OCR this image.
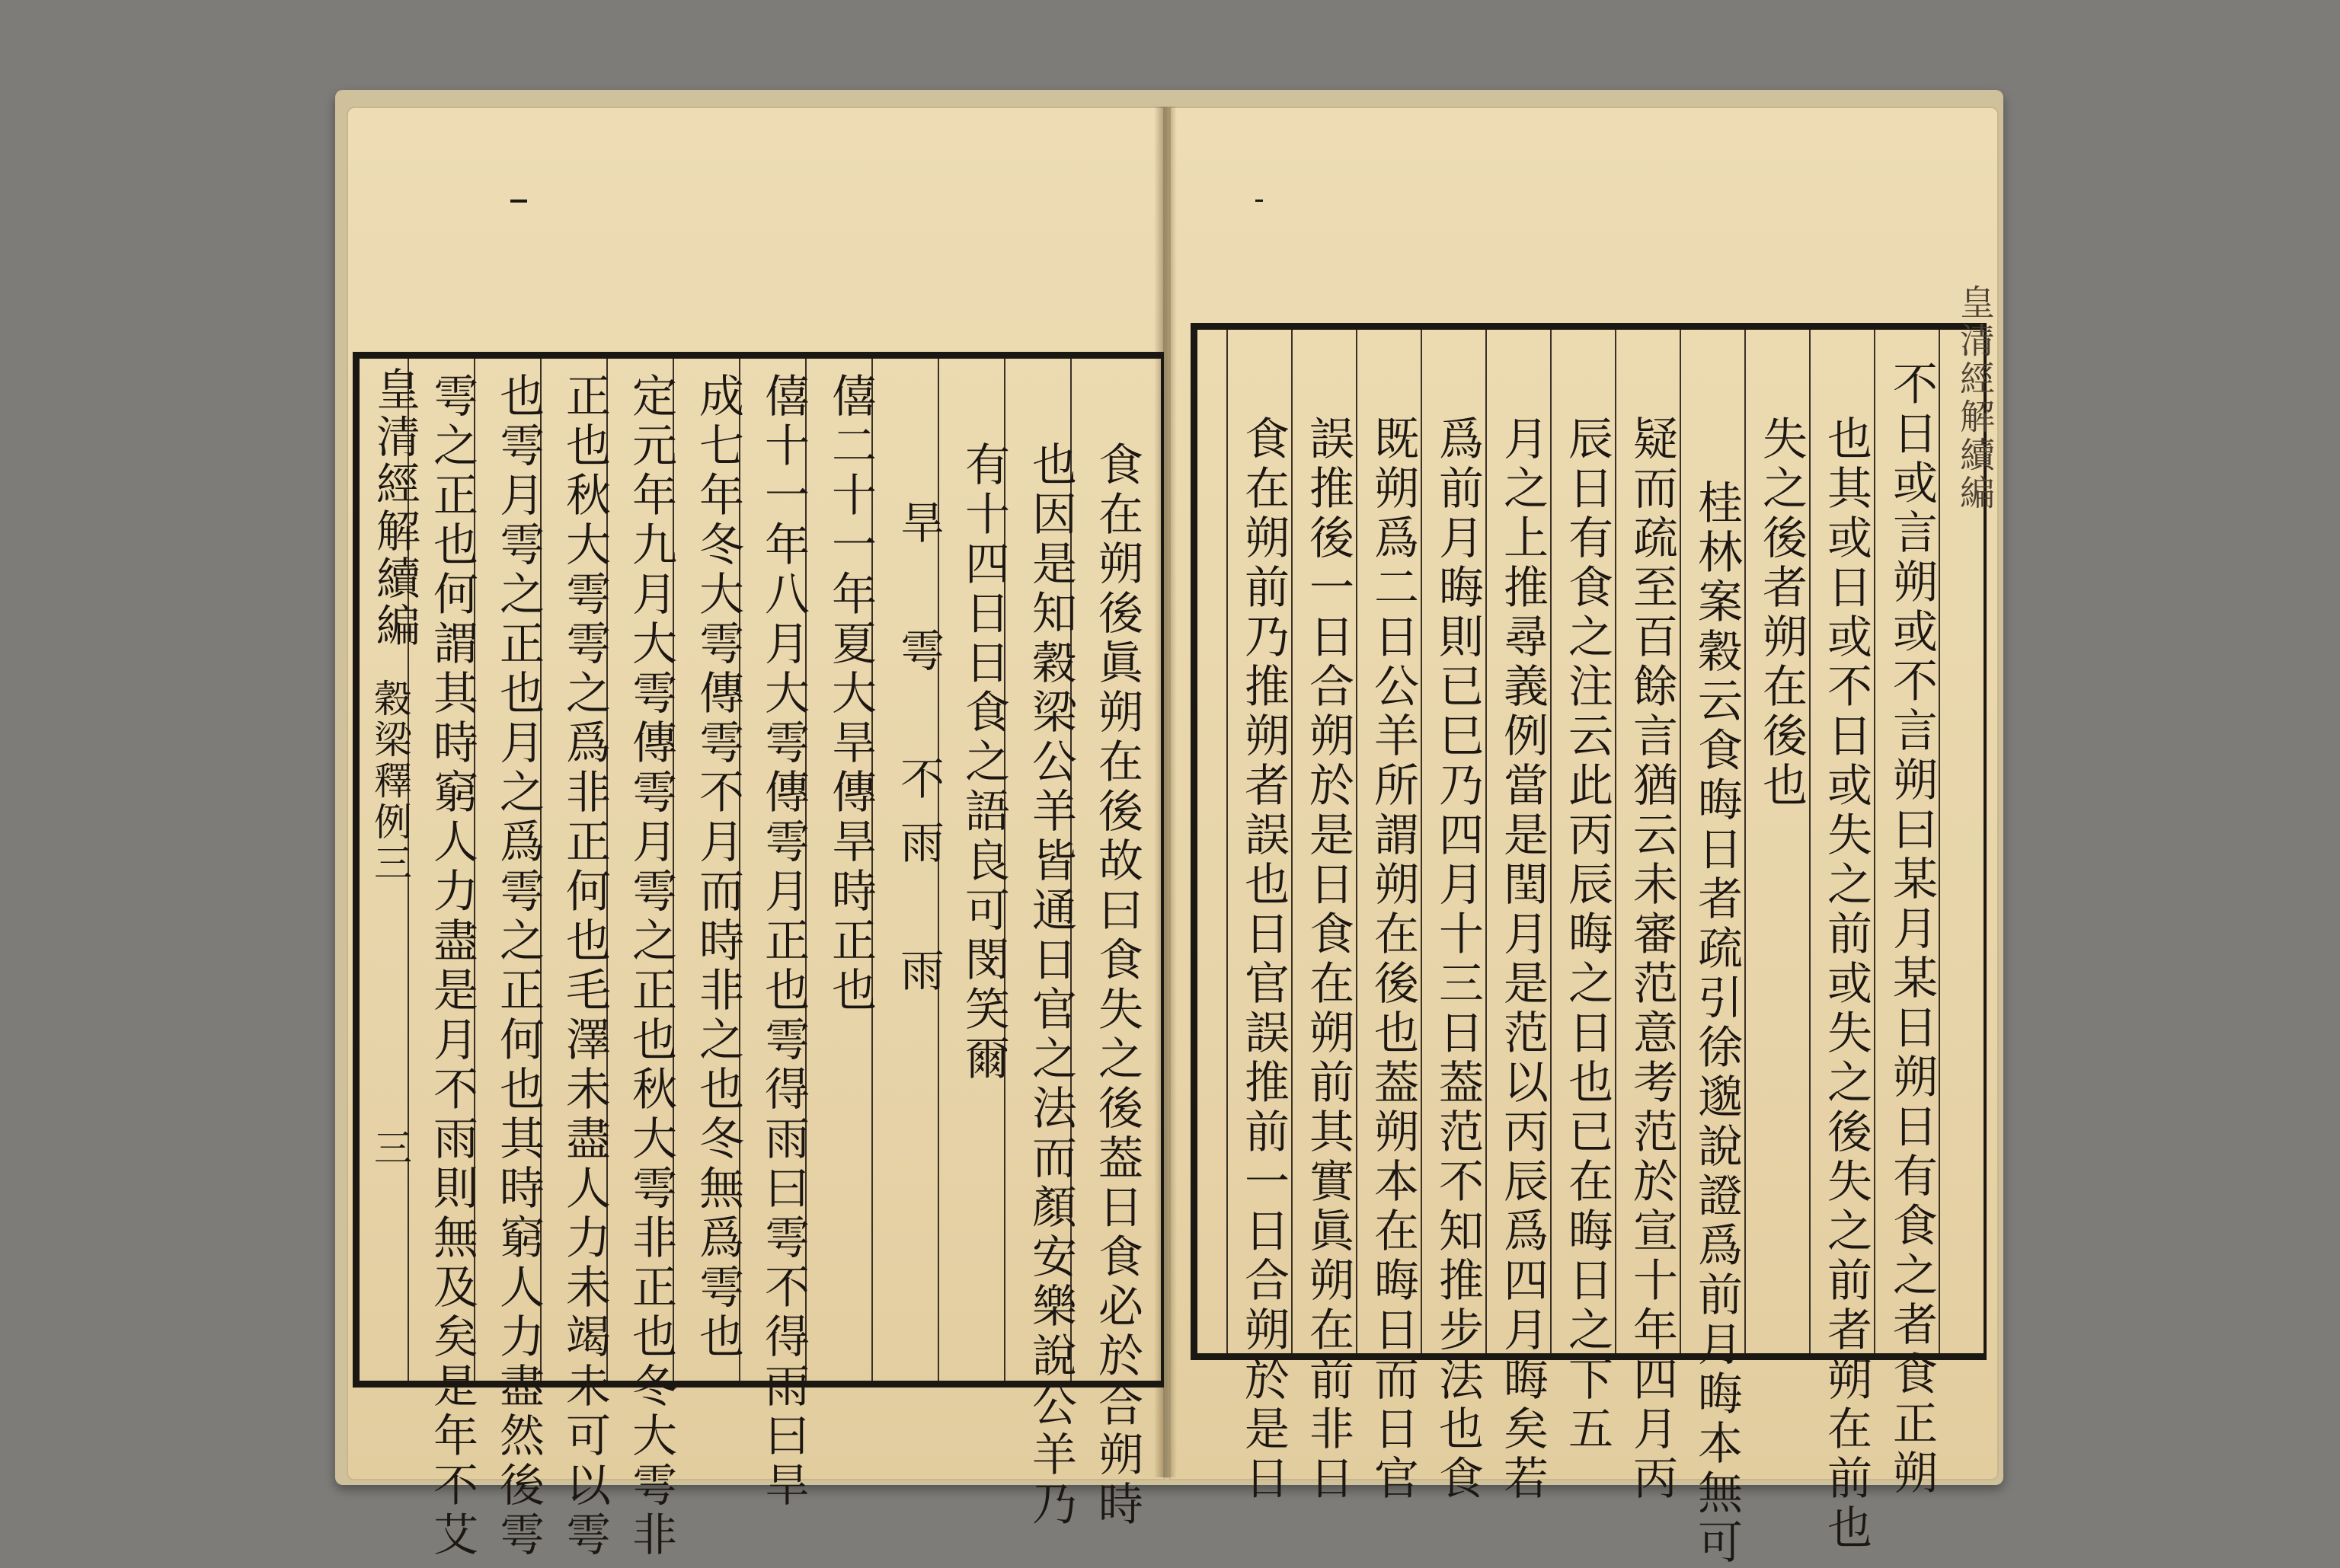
食在朔後眞朔在後故曰食失之後葢日食必於合朔時
也因是知穀梁公羊皆通日官之法而顏安樂說公羊乃
有十四日日食之語良可閔笑爾
旱　雩　不雨　雨
僖二十一年夏大旱傳旱時正也
僖十一年八月大雩傳雩月正也雩得雨曰雩不得雨曰旱
成七年冬大雩傳雩不月而時非之也冬無爲雩也
定元年九月大雩傳雩月雩之正也秋大雩非正也冬大雩非
正也秋大雩雩之爲非正何也毛澤未盡人力未竭未可以雩
也雩月雩之正也月之爲雩之正何也其時窮人力盡然後雩
雩之正也何謂其時窮人力盡是月不雨則無及矣是年不艾
皇清經解續編
穀梁釋例三
三	不日或言朔或不言朔曰某月某日朔日有食之者食正朔
也其或日或不日或失之前或失之後失之前者朔在前也
失之後者朔在後也
桂林案穀云食晦日者疏引徐邈說證爲前月晦本無可
疑而疏至百餘言猶云未審范意考范於宣十年四月丙
辰日有食之注云此丙辰晦之日也已在晦日之下五
月之上推尋義例當是閏月是范以丙辰爲四月晦矣若
爲前月晦則已巳乃四月十三日葢范不知推步法也食
既朔爲二日公羊所謂朔在後也葢朔本在晦日而日官
誤推後一日合朔於是日食在朔前其實眞朔在前非日
食在朔前乃推朔者誤也日官誤推前一日合朔於是日
皇清經解續編
